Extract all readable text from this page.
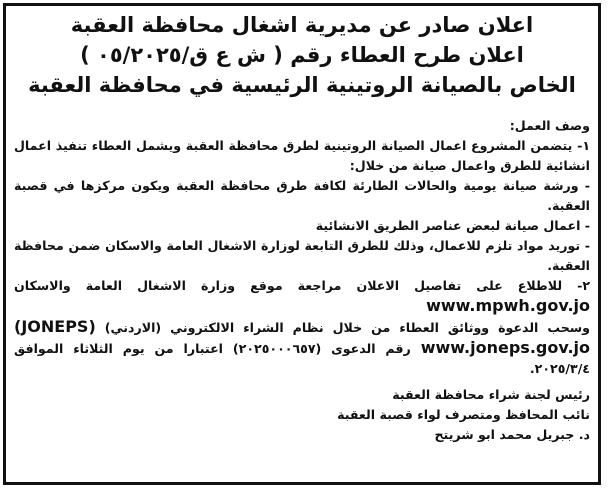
اعلان صادر عن مديرية اشغال محافظة العقبة

اعلان طرح العطاء رقم ( ش ع ق/٠٥/٢٠٢٥ )

الخاص بالصيانة الروتينية الرئيسية في محافظة العقبة

وصف العمل:

١- يتضمن المشروع اعمال الصيانة الروتينية لطرق محافظة العقبة ويشمل العطاء تنفيذ اعمال انشائية للطرق واعمال صيانة من خلال:

- ورشة صيانة يومية والحالات الطارئة لكافة طرق محافظة العقبة ويكون مركزها في قصبة العقبة.

- اعمال صيانة لبعض عناصر الطريق الانشائية

- توريد مواد تلزم للاعمال، وذلك للطرق التابعة لوزارة الاشغال العامة والاسكان ضمن محافظة العقبة.

٢- للاطلاع على تفاصيل الاعلان مراجعة موقع وزارة الاشغال العامة والاسكان www.mpwh.gov.jo

وسحب الدعوة ووثائق العطاء من خلال نظام الشراء الالكتروني (الاردني) (JONEPS) www.joneps.gov.jo رقم الدعوى (٢٠٢٥٠٠٠٦٥٧) اعتبارا من يوم الثلاثاء الموافق ٢٠٢٥/٣/٤.

رئيس لجنة شراء محافظة العقبة

نائب المحافظ ومتصرف لواء قصبة العقبة

د. جبريل محمد ابو شريتح
